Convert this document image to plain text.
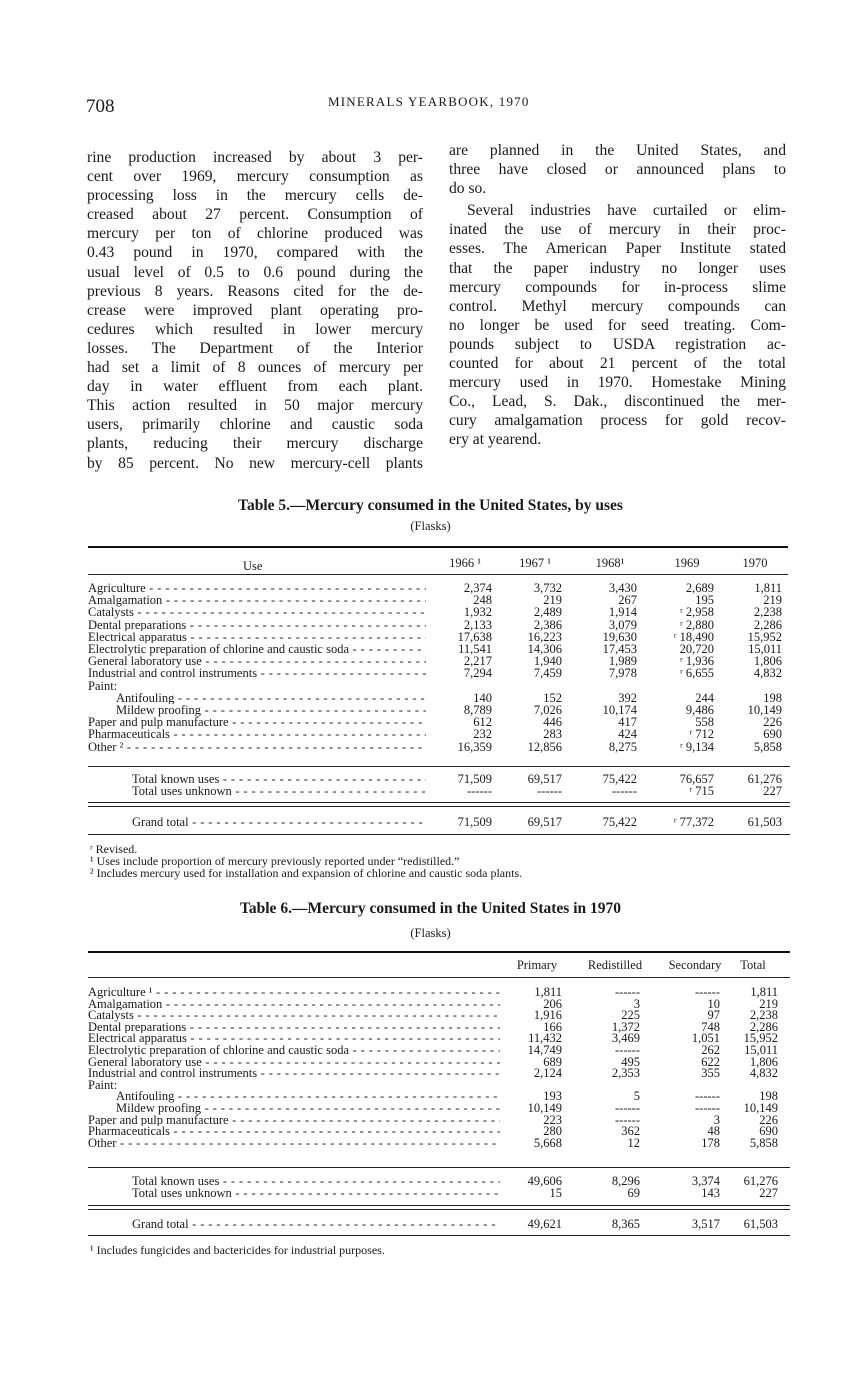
708	MINERALS YEARBOOK, 1970
rine production increased by about 3 per-
cent over 1969, mercury consumption as
processing loss in the mercury cells de-
creased about 27 percent. Consumption of
mercury per ton of chlorine produced was
0.43 pound in 1970, compared with the
usual level of 0.5 to 0.6 pound during the
previous 8 years. Reasons cited for the de-
crease were improved plant operating pro-
cedures which resulted in lower mercury
losses. The Department of the Interior
had set a limit of 8 ounces of mercury per
day in water effluent from each plant.
This action resulted in 50 major mercury
users, primarily chlorine and caustic soda
plants, reducing their mercury discharge
by 85 percent. No new mercury-cell plants
are planned in the United States, and
three have closed or announced plans to
do so.
Several industries have curtailed or elim-
inated the use of mercury in their proc-
esses. The American Paper Institute stated
that the paper industry no longer uses
mercury compounds for in-process slime
control. Methyl mercury compounds can
no longer be used for seed treating. Com-
pounds subject to USDA registration ac-
counted for about 21 percent of the total
mercury used in 1970. Homestake Mining
Co., Lead, S. Dak., discontinued the mer-
cury amalgamation process for gold recov-
ery at yearend.
Table 5.—Mercury consumed in the United States, by uses
(Flasks)
Use	1966 ¹	1967 ¹	1968¹	1969	1970
Agriculture - - -	2,374	3,732	3,430	2,689	1,811
Amalgamation - - -	248	219	267	195	219
Catalysts - - -	1,932	2,489	1,914	ʳ 2,958	2,238
Dental preparations - - -	2,133	2,386	3,079	ʳ 2,880	2,286
Electrical apparatus - - -	17,638	16,223	19,630	ʳ 18,490	15,952
Electrolytic preparation of chlorine and caustic soda - - -	11,541	14,306	17,453	20,720	15,011
General laboratory use - - -	2,217	1,940	1,989	ʳ 1,936	1,806
Industrial and control instruments - - -	7,294	7,459	7,978	ʳ 6,655	4,832
Paint:
Antifouling - - -	140	152	392	244	198
Mildew proofing - - -	8,789	7,026	10,174	9,486	10,149
Paper and pulp manufacture - - -	612	446	417	558	226
Pharmaceuticals - - -	232	283	424	ʳ 712	690
Other ² - - -	16,359	12,856	8,275	ʳ 9,134	5,858
Total known uses - - -	71,509	69,517	75,422	76,657	61,276
Total uses unknown - - -	------	------	------	ʳ 715	227
Grand total - - -	71,509	69,517	75,422	ʳ 77,372	61,503
ʳ Revised.
¹ Uses include proportion of mercury previously reported under “redistilled.”
² Includes mercury used for installation and expansion of chlorine and caustic soda plants.
Table 6.—Mercury consumed in the United States in 1970
(Flasks)
Primary	Redistilled	Secondary	Total
Agriculture ¹ - - -	1,811	------	------	1,811
Amalgamation - - -	206	3	10	219
Catalysts - - -	1,916	225	97	2,238
Dental preparations - - -	166	1,372	748	2,286
Electrical apparatus - - -	11,432	3,469	1,051	15,952
Electrolytic preparation of chlorine and caustic soda - - -	14,749	------	262	15,011
General laboratory use - - -	689	495	622	1,806
Industrial and control instruments - - -	2,124	2,353	355	4,832
Paint:
Antifouling - - -	193	5	------	198
Mildew proofing - - -	10,149	------	------	10,149
Paper and pulp manufacture - - -	223	------	3	226
Pharmaceuticals - - -	280	362	48	690
Other - - -	5,668	12	178	5,858
Total known uses - - -	49,606	8,296	3,374	61,276
Total uses unknown - - -	15	69	143	227
Grand total - - -	49,621	8,365	3,517	61,503
¹ Includes fungicides and bactericides for industrial purposes.
